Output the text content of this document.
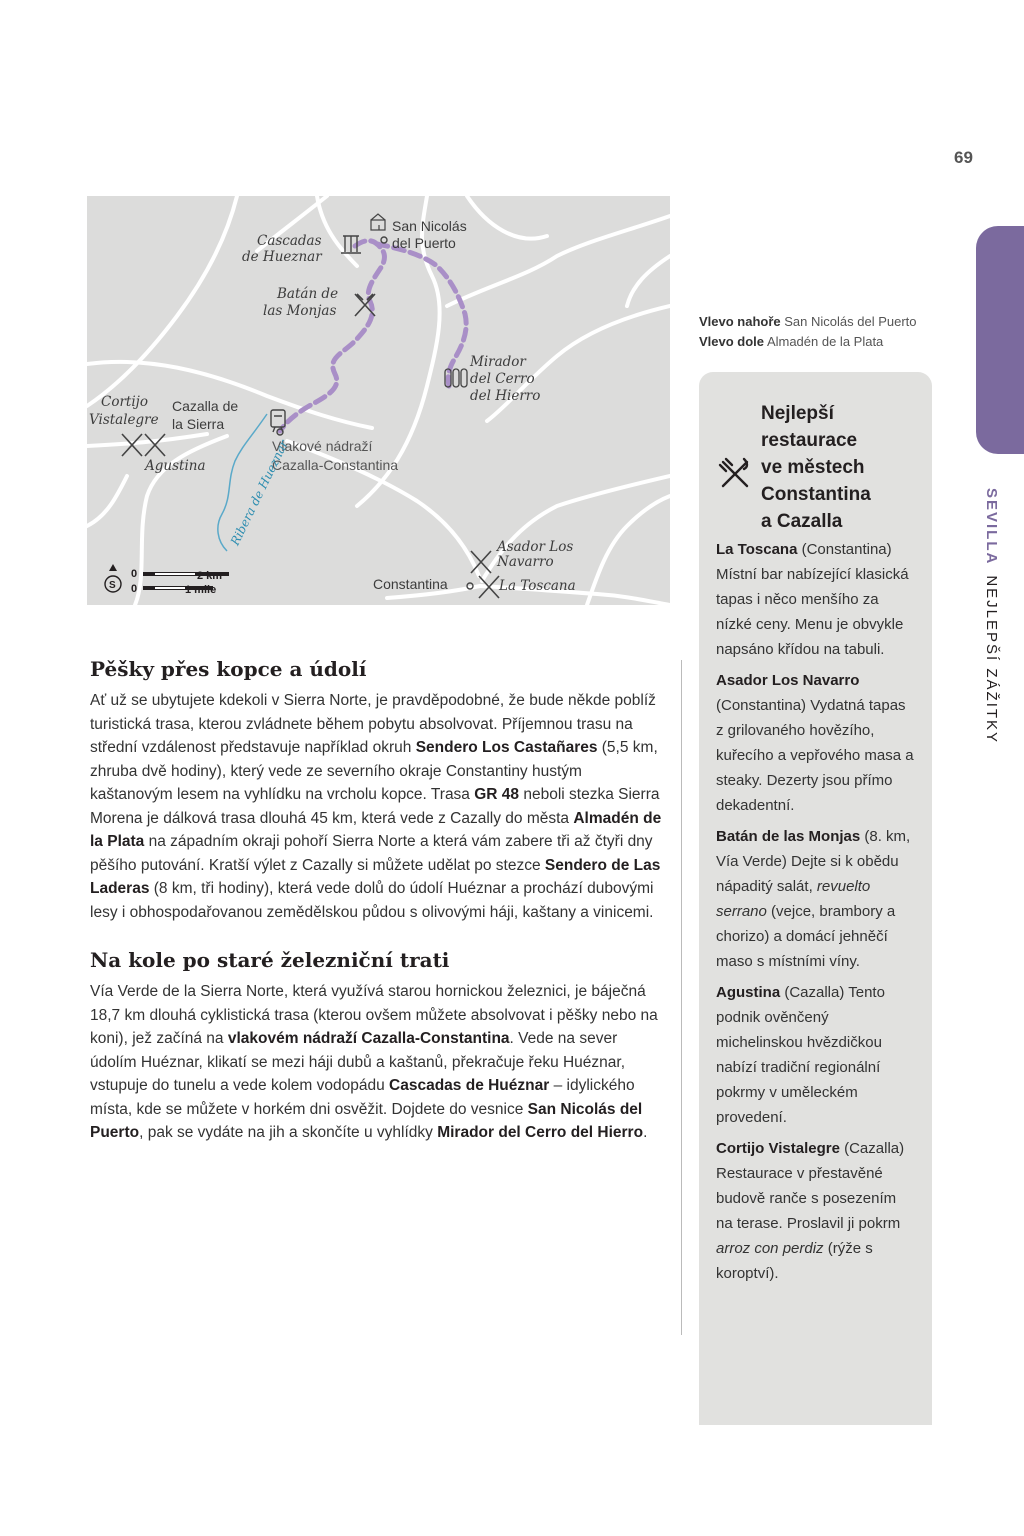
69
SEVILLANEJLEPŠÍ ZÁŽITKY
S
San Nicolás
del Puerto
Cascadas
de Hueznar
Batán de
las Monjas
Mirador
del Cerro
del Hierro
Cortijo
Vistalegre
Cazalla de
la Sierra
Agustina
Vlakové nádraží
Cazalla-Constantina
Ribera de Hueznar	Asador Los
Navarro
Constantina	La Toscana
0
0
2 km
1 mile
Vlevo nahoře San Nicolás del Puerto
Vlevo dole Almadén de la Plata
Pěšky přes kopce a údolí

Ať už se ubytujete kdekoli v Sierra Norte, je pravděpodobné, že bude někde poblíž turistická trasa, kterou zvládnete během pobytu absolvovat. Příjemnou trasu na střední vzdálenost představuje například okruh Sendero Los Castañares (5,5 km, zhruba dvě hodiny), který vede ze severního okraje Constantiny hustým kaštanovým lesem na vyhlídku na vrcholu kopce. Trasa GR 48 neboli stezka Sierra Morena je dálková trasa dlouhá 45 km, která vede z Cazally do města Almadén de la Plata na západním okraji pohoří Sierra Norte a která vám zabere tři až čtyři dny pěšího putování. Kratší výlet z Cazally si můžete udělat po stezce Sendero de Las Laderas (8 km, tři hodiny), která vede dolů do údolí Huéznar a prochází dubovými lesy i obhospodařovanou zemědělskou půdou s olivovými háji, kaštany a vinicemi.

Na kole po staré železniční trati

Vía Verde de la Sierra Norte, která využívá starou hornickou železnici, je báječná 18,7 km dlouhá cyklistická trasa (kterou ovšem můžete absolvovat i pěšky nebo na koni), jež začíná na vlakovém nádraží Cazalla-Constantina. Vede na sever údolím Huéznar, klikatí se mezi háji dubů a kaštanů, překračuje řeku Huéznar, vstupuje do tunelu a vede kolem vodopádu Cascadas de Huéznar – idylického místa, kde se můžete v horkém dni osvěžit. Dojdete do vesnice San Nicolás del Puerto, pak se vydáte na jih a skončíte u vyhlídky Mirador del Cerro del Hierro.

Nejlepší
restaurace
ve městech
Constantina
a Cazalla

La Toscana (Constantina) Místní bar nabízející klasická tapas i něco menšího za nízké ceny. Menu je obvykle napsáno křídou na tabuli.

Asador Los Navarro (Constantina) Vydatná tapas z grilovaného hovězího, kuřecího a vepřového masa a steaky. Dezerty jsou přímo dekadentní.

Batán de las Monjas (8. km, Vía Verde) Dejte si k obědu nápaditý salát, revuelto serrano (vejce, brambory a chorizo) a domácí jehněčí maso s místními víny.

Agustina (Cazalla) Tento podnik ověnčený michelinskou hvězdičkou nabízí tradiční regionální pokrmy v uměleckém provedení.

Cortijo Vistalegre (Cazalla) Restaurace v přestavěné budově ranče s posezením na terase. Proslavil ji pokrm arroz con perdiz (rýže s koroptví).
